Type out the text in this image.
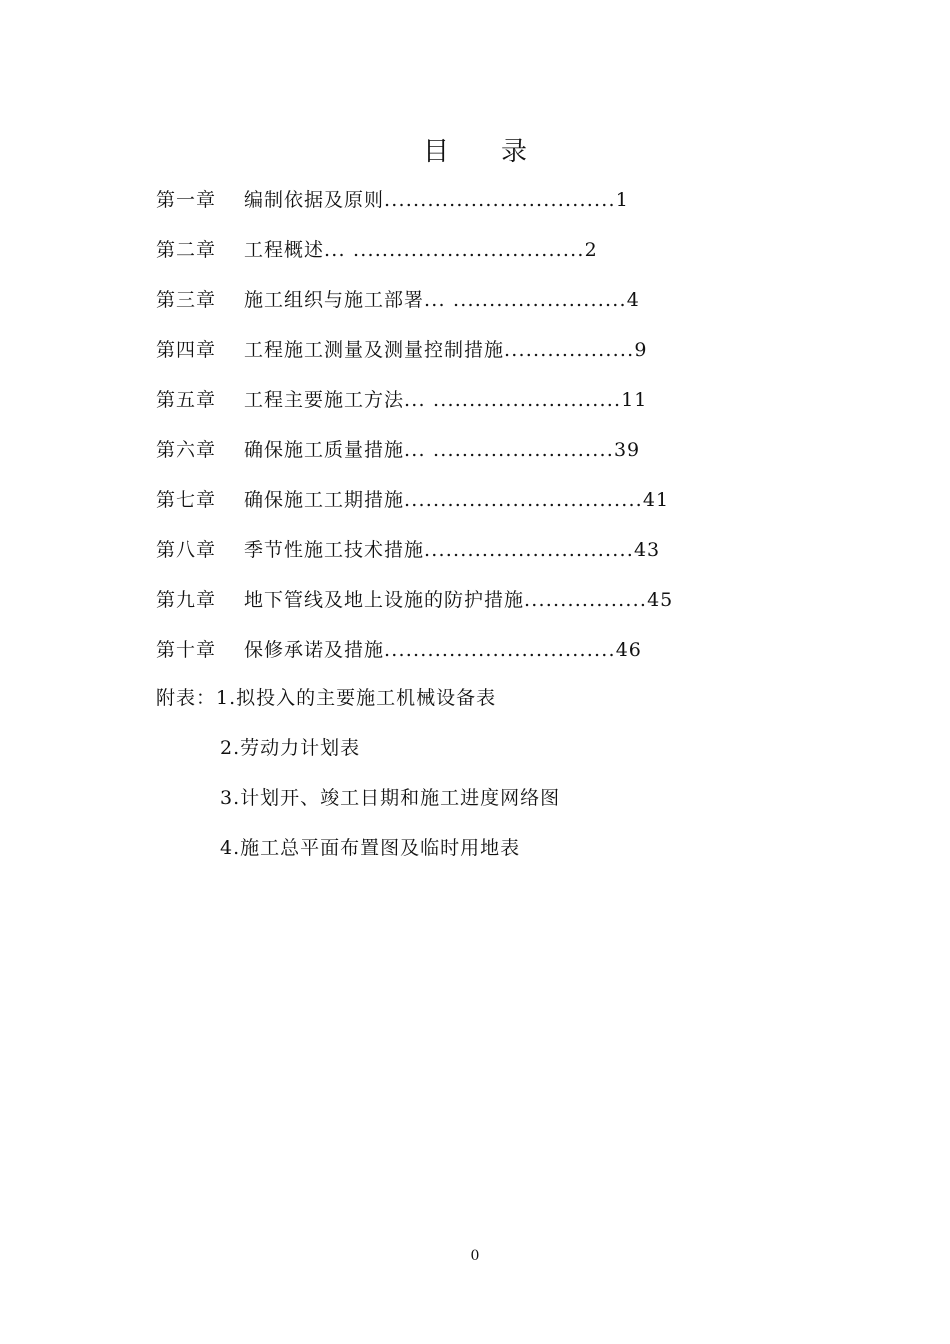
目　　录
第一章 编制依据及原则................................1
第二章 工程概述... ................................2
第三章 施工组织与施工部署... ........................4
第四章 工程施工测量及测量控制措施..................9
第五章 工程主要施工方法... ..........................11
第六章 确保施工质量措施... .........................39
第七章 确保施工工期措施.................................41
第八章 季节性施工技术措施.............................43
第九章 地下管线及地上设施的防护措施.................45
第十章 保修承诺及措施................................46
附表：1.拟投入的主要施工机械设备表
2.劳动力计划表
3.计划开、竣工日期和施工进度网络图
4.施工总平面布置图及临时用地表
0
